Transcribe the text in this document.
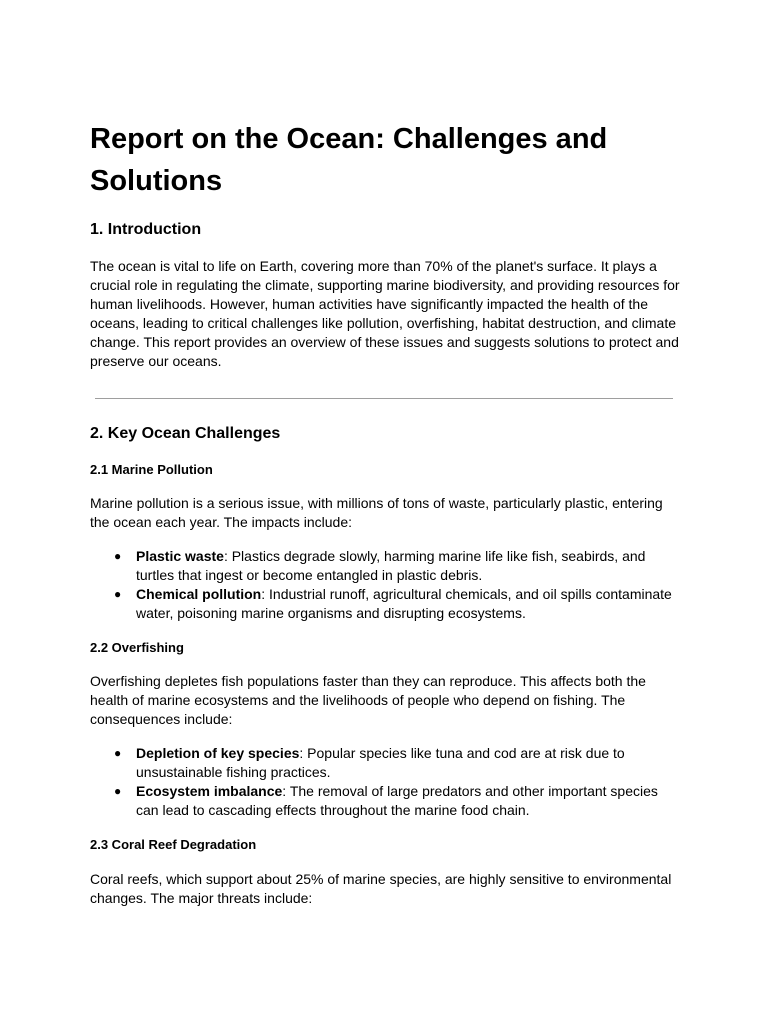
Report on the Ocean: Challenges and Solutions
1. Introduction

The ocean is vital to life on Earth, covering more than 70% of the planet's surface. It plays a crucial role in regulating the climate, supporting marine biodiversity, and providing resources for human livelihoods. However, human activities have significantly impacted the health of the oceans, leading to critical challenges like pollution, overfishing, habitat destruction, and climate change. This report provides an overview of these issues and suggests solutions to protect and preserve our oceans.

2. Key Ocean Challenges
2.1 Marine Pollution

Marine pollution is a serious issue, with millions of tons of waste, particularly plastic, entering the ocean each year. The impacts include:

● Plastic waste: Plastics degrade slowly, harming marine life like fish, seabirds, and turtles that ingest or become entangled in plastic debris.
● Chemical pollution: Industrial runoff, agricultural chemicals, and oil spills contaminate water, poisoning marine organisms and disrupting ecosystems.
2.2 Overfishing

Overfishing depletes fish populations faster than they can reproduce. This affects both the health of marine ecosystems and the livelihoods of people who depend on fishing. The consequences include:

● Depletion of key species: Popular species like tuna and cod are at risk due to unsustainable fishing practices.
● Ecosystem imbalance: The removal of large predators and other important species can lead to cascading effects throughout the marine food chain.
2.3 Coral Reef Degradation

Coral reefs, which support about 25% of marine species, are highly sensitive to environmental changes. The major threats include:
